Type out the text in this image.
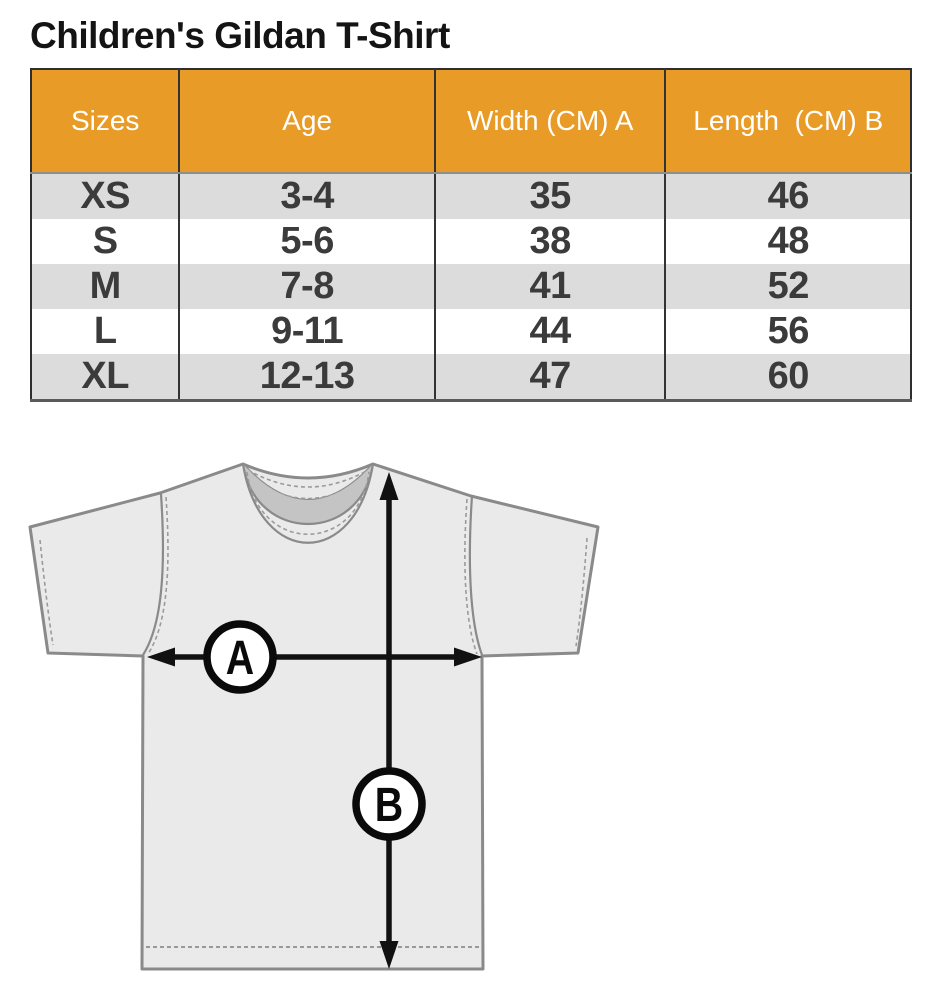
Children's Gildan T-Shirt
Sizes	Age	Width (CM) A	Length  (CM) B
XS	3-4	35	46
S	5-6	38	48
M	7-8	41	52
L	9-11	44	56
XL	12-13	47	60
A
B
